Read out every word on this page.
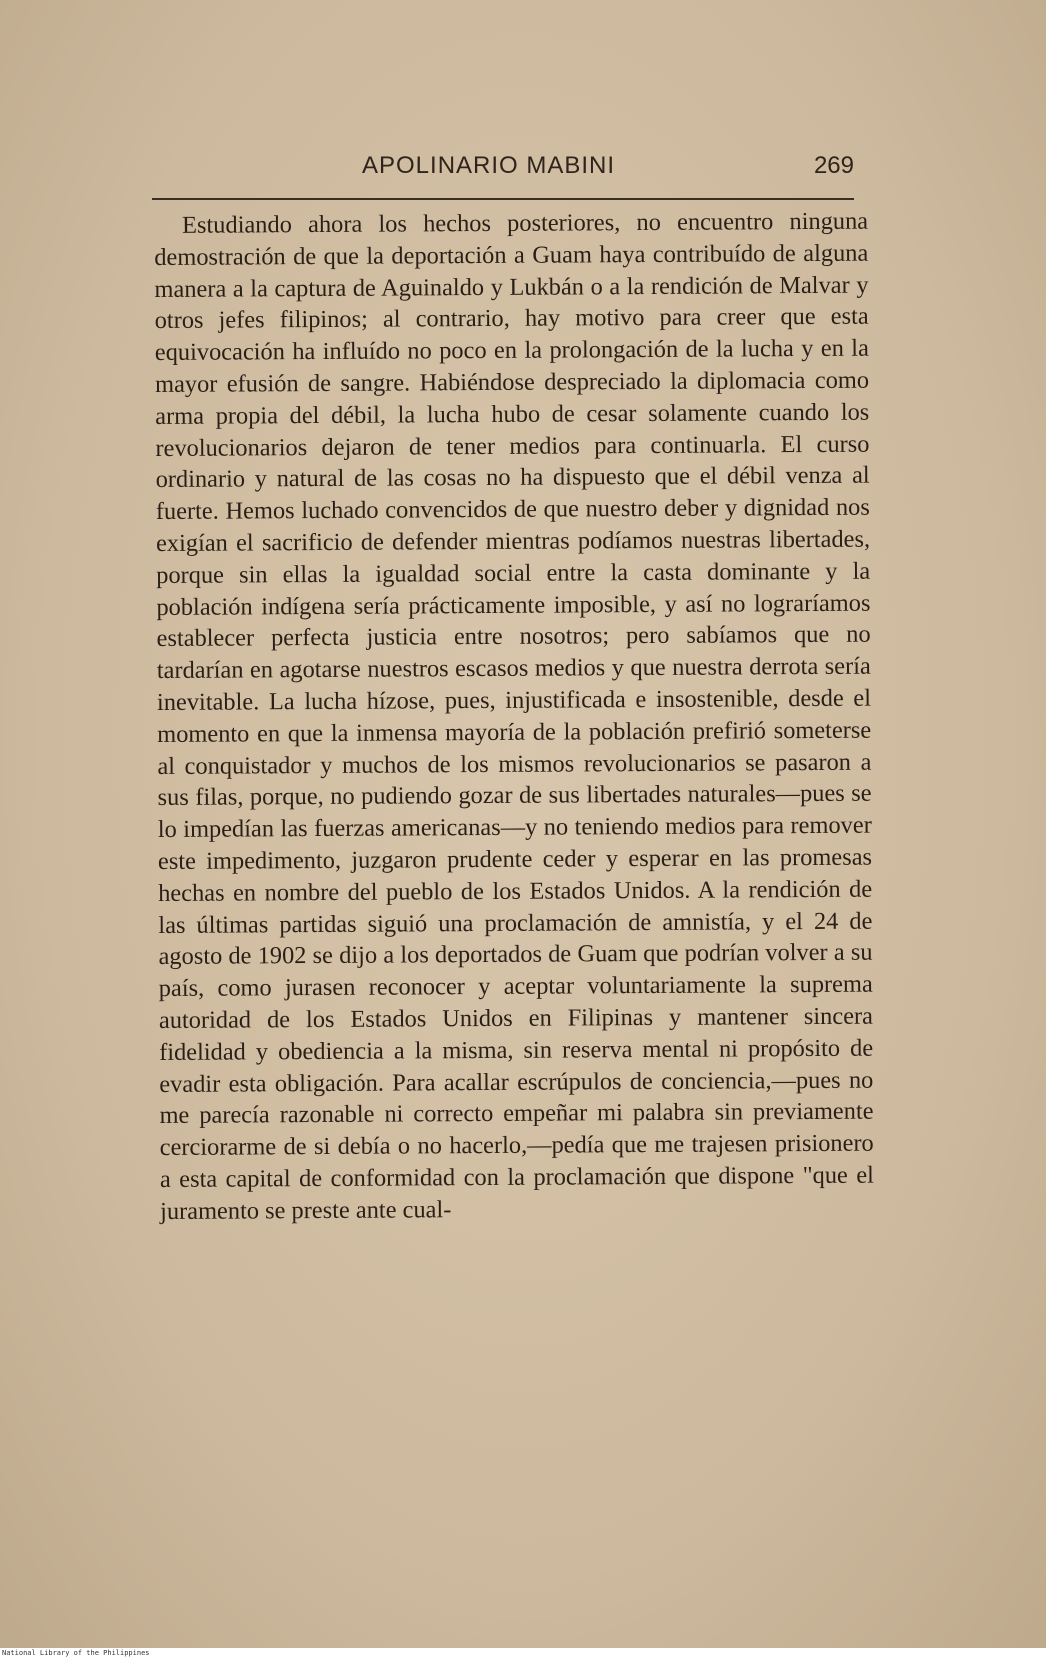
APOLINARIO MABINI	269

Estudiando ahora los hechos posteriores, no encuentro ninguna demostración de que la deportación a Guam haya contribuído de alguna manera a la captura de Aguinaldo y Lukbán o a la rendición de Malvar y otros jefes filipinos; al contrario, hay motivo para creer que esta equivocación ha influído no poco en la prolongación de la lucha y en la mayor efusión de sangre. Habiéndose despreciado la diplomacia como arma propia del débil, la lucha hubo de cesar solamente cuando los revolucionarios dejaron de tener medios para continuarla. El curso ordinario y natural de las cosas no ha dispuesto que el débil venza al fuerte. Hemos luchado convencidos de que nuestro deber y dignidad nos exigían el sacrificio de defender mientras podíamos nuestras libertades, porque sin ellas la igualdad social entre la casta dominante y la población indígena sería prácticamente imposible, y así no lograríamos establecer perfecta justicia entre nosotros; pero sabíamos que no tardarían en agotarse nuestros escasos medios y que nuestra derrota sería inevitable. La lucha hízose, pues, injustificada e insostenible, desde el momento en que la inmensa mayoría de la población prefirió someterse al conquistador y muchos de los mismos revolucionarios se pasaron a sus filas, porque, no pudiendo gozar de sus libertades naturales—pues se lo impedían las fuerzas americanas—y no teniendo medios para remover este impedimento, juzgaron prudente ceder y esperar en las promesas hechas en nombre del pueblo de los Estados Unidos. A la rendición de las últimas partidas siguió una proclamación de amnistía, y el 24 de agosto de 1902 se dijo a los deportados de Guam que podrían volver a su país, como jurasen reconocer y aceptar voluntariamente la suprema autoridad de los Estados Unidos en Filipinas y mantener sincera fidelidad y obediencia a la misma, sin reserva mental ni propósito de evadir esta obligación. Para acallar escrúpulos de conciencia,—pues no me parecía razonable ni correcto empeñar mi palabra sin previamente cerciorarme de si debía o no hacerlo,—pedía que me trajesen prisionero a esta capital de conformidad con la proclamación que dispone "que el juramento se preste ante cual-

National Library of the Philippines
